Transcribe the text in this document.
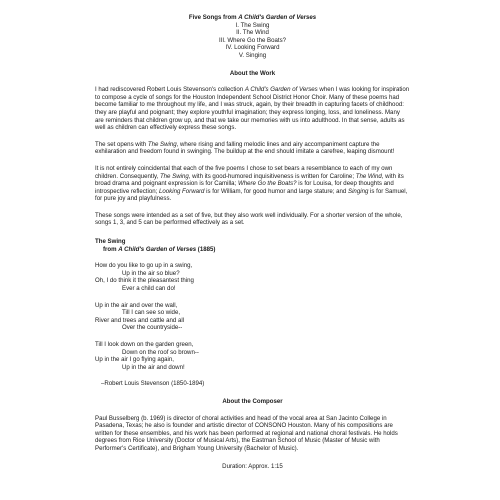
Five Songs from A Child's Garden of Verses
I. The Swing
II. The Wind
III. Where Go the Boats?
IV. Looking Forward
V. Singing
About the Work

I had rediscovered Robert Louis Stevenson's collection A Child's Garden of Verses when I was looking for inspiration to compose a cycle of songs for the Houston Independent School District Honor Choir. Many of these poems had become familiar to me throughout my life, and I was struck, again, by their breadth in capturing facets of childhood: they are playful and poignant; they explore youthful imagination; they express longing, loss, and loneliness. Many are reminders that children grow up, and that we take our memories with us into adulthood. In that sense, adults as well as children can effectively express these songs.

The set opens with The Swing, where rising and falling melodic lines and airy accompaniment capture the exhilaration and freedom found in swinging. The buildup at the end should imitate a carefree, leaping dismount!

It is not entirely coincidental that each of the five poems I chose to set bears a resemblance to each of my own children. Consequently, The Swing, with its good-humored inquisitiveness is written for Caroline; The Wind, with its broad drama and poignant expression is for Camilla; Where Go the Boats? is for Louisa, for deep thoughts and introspective reflection; Looking Forward is for William, for good humor and large stature; and Singing is for Samuel, for pure joy and playfulness.

These songs were intended as a set of five, but they also work well individually. For a shorter version of the whole, songs 1, 3, and 5 can be performed effectively as a set.

The Swing
from A Child's Garden of Verses (1885)
How do you like to go up in a swing,
Up in the air so blue?
Oh, I do think it the pleasantest thing
Ever a child can do!
Up in the air and over the wall,
Till I can see so wide,
River and trees and cattle and all
Over the countryside--
Till I look down on the garden green,
Down on the roof so brown--
Up in the air I go flying again,
Up in the air and down!
–Robert Louis Stevenson (1850-1894)
About the Composer

Paul Busselberg (b. 1969) is director of choral activities and head of the vocal area at San Jacinto College in Pasadena, Texas; he also is founder and artistic director of CONSONO Houston. Many of his compositions are written for these ensembles, and his work has been performed at regional and national choral festivals. He holds degrees from Rice University (Doctor of Musical Arts), the Eastman School of Music (Master of Music with Performer's Certificate), and Brigham Young University (Bachelor of Music).

Duration: Approx. 1:15
